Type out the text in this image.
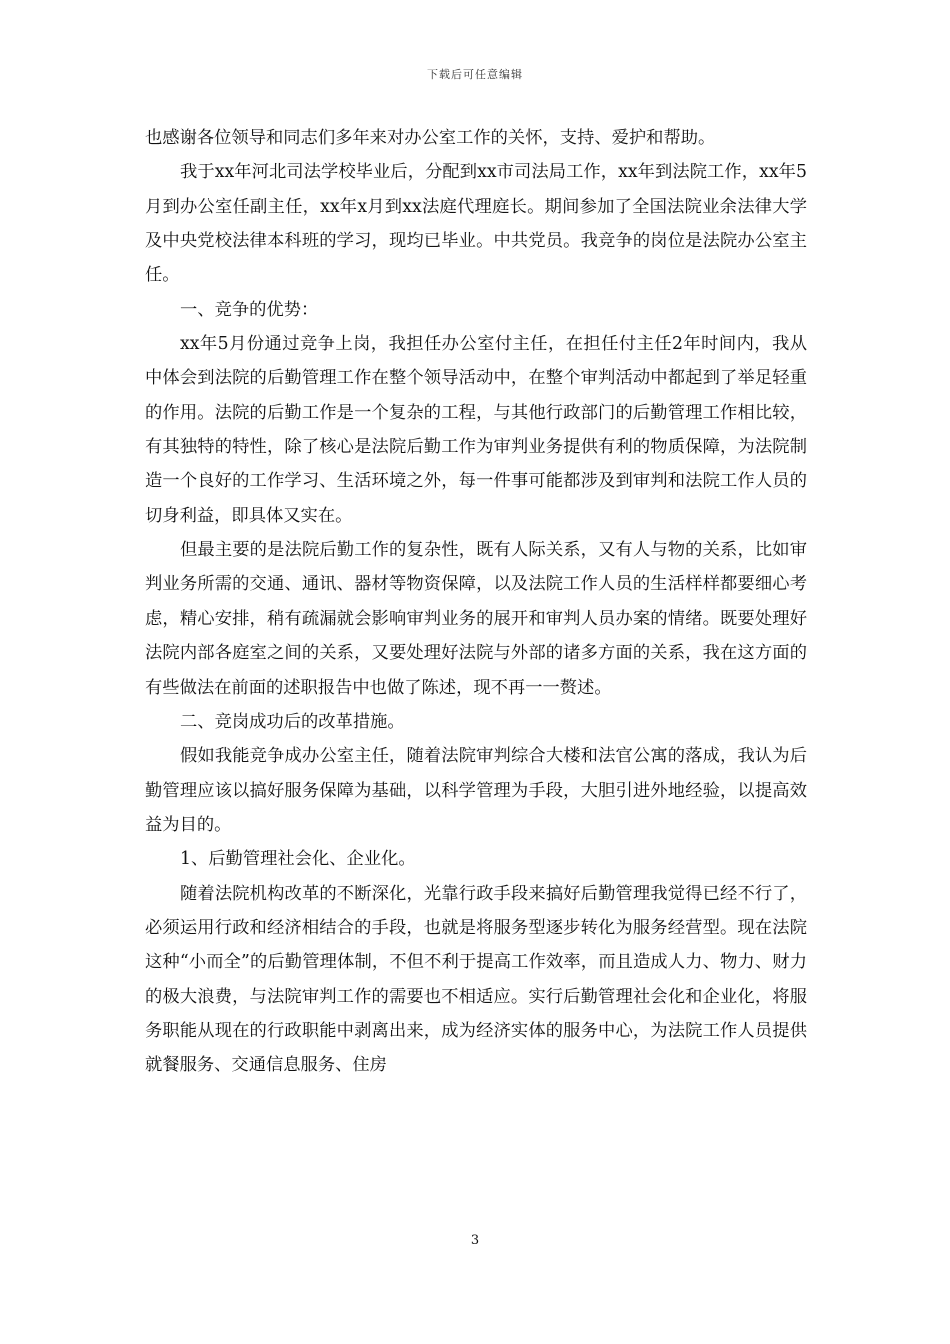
下载后可任意编辑

也感谢各位领导和同志们多年来对办公室工作的关怀，支持、爱护和帮助。

我于xx年河北司法学校毕业后，分配到xx市司法局工作，xx年到法院工作，xx年5月到办公室任副主任，xx年x月到xx法庭代理庭长。期间参加了全国法院业余法律大学及中央党校法律本科班的学习，现均已毕业。中共党员。我竞争的岗位是法院办公室主任。

一、竞争的优势：

xx年5月份通过竞争上岗，我担任办公室付主任，在担任付主任2年时间内，我从中体会到法院的后勤管理工作在整个领导活动中，在整个审判活动中都起到了举足轻重的作用。法院的后勤工作是一个复杂的工程，与其他行政部门的后勤管理工作相比较，有其独特的特性，除了核心是法院后勤工作为审判业务提供有利的物质保障，为法院制造一个良好的工作学习、生活环境之外，每一件事可能都涉及到审判和法院工作人员的切身利益，即具体又实在。

但最主要的是法院后勤工作的复杂性，既有人际关系，又有人与物的关系，比如审判业务所需的交通、通讯、器材等物资保障，以及法院工作人员的生活样样都要细心考虑，精心安排，稍有疏漏就会影响审判业务的展开和审判人员办案的情绪。既要处理好法院内部各庭室之间的关系，又要处理好法院与外部的诸多方面的关系，我在这方面的有些做法在前面的述职报告中也做了陈述，现不再一一赘述。

二、竞岗成功后的改革措施。

假如我能竞争成办公室主任，随着法院审判综合大楼和法官公寓的落成，我认为后勤管理应该以搞好服务保障为基础，以科学管理为手段，大胆引进外地经验，以提高效益为目的。

1、后勤管理社会化、企业化。

随着法院机构改革的不断深化，光靠行政手段来搞好后勤管理我觉得已经不行了，必须运用行政和经济相结合的手段，也就是将服务型逐步转化为服务经营型。现在法院这种“小而全”的后勤管理体制，不但不利于提高工作效率，而且造成人力、物力、财力的极大浪费，与法院审判工作的需要也不相适应。实行后勤管理社会化和企业化，将服务职能从现在的行政职能中剥离出来，成为经济实体的服务中心，为法院工作人员提供就餐服务、交通信息服务、住房

3
